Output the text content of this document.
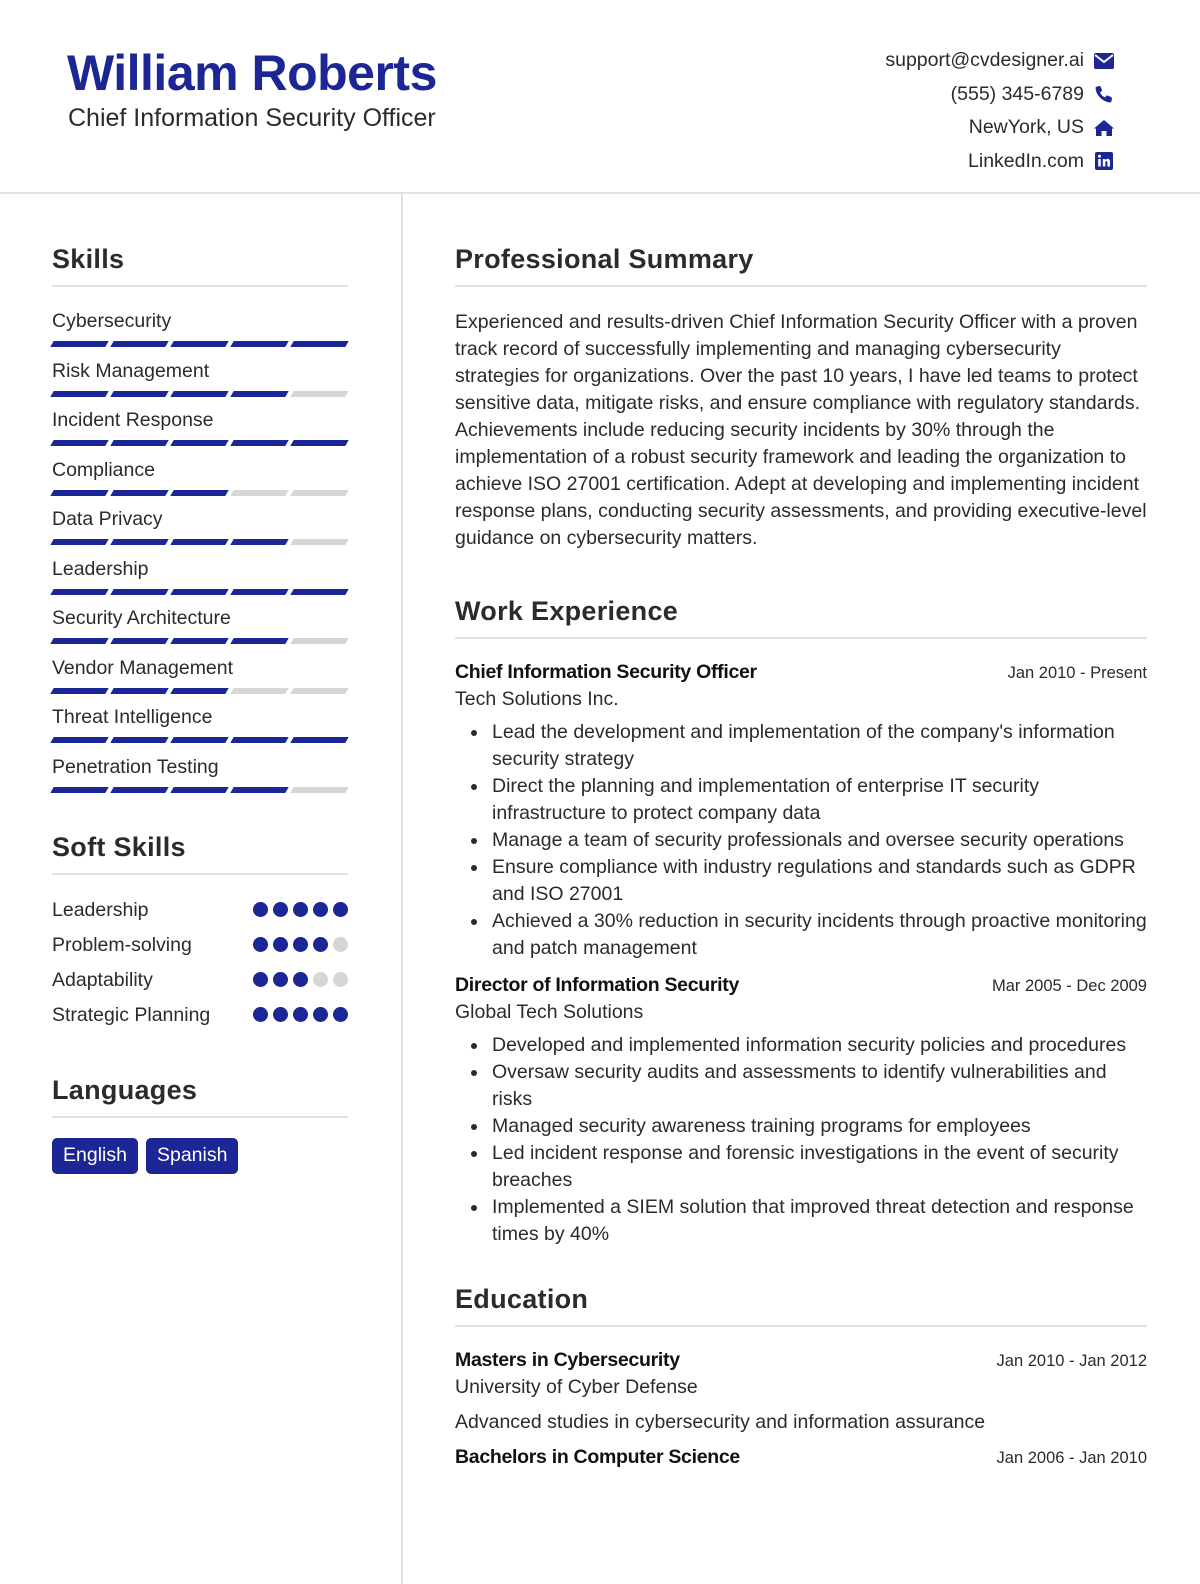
William Roberts
Chief Information Security Officer
support@cvdesigner.ai
(555) 345-6789
NewYork, US
LinkedIn.com
Skills
Cybersecurity
Risk Management
Incident Response
Compliance
Data Privacy
Leadership
Security Architecture
Vendor Management
Threat Intelligence
Penetration Testing
Soft Skills
Leadership
Problem-solving
Adaptability
Strategic Planning
Languages
English	Spanish
Professional Summary
Experienced and results-driven Chief Information Security Officer with a proven track record of successfully implementing and managing cybersecurity strategies for organizations. Over the past 10 years, I have led teams to protect sensitive data, mitigate risks, and ensure compliance with regulatory standards. Achievements include reducing security incidents by 30% through the implementation of a robust security framework and leading the organization to achieve ISO 27001 certification. Adept at developing and implementing incident response plans, conducting security assessments, and providing executive-level guidance on cybersecurity matters.
Work Experience
Chief Information Security Officer	Jan 2010 - Present
Tech Solutions Inc.
Lead the development and implementation of the company's information security strategy
Direct the planning and implementation of enterprise IT security infrastructure to protect company data
Manage a team of security professionals and oversee security operations
Ensure compliance with industry regulations and standards such as GDPR and ISO 27001
Achieved a 30% reduction in security incidents through proactive monitoring and patch management
Director of Information Security	Mar 2005 - Dec 2009
Global Tech Solutions
Developed and implemented information security policies and procedures
Oversaw security audits and assessments to identify vulnerabilities and risks
Managed security awareness training programs for employees
Led incident response and forensic investigations in the event of security breaches
Implemented a SIEM solution that improved threat detection and response times by 40%
Education
Masters in Cybersecurity	Jan 2010 - Jan 2012
University of Cyber Defense
Advanced studies in cybersecurity and information assurance
Bachelors in Computer Science	Jan 2006 - Jan 2010
